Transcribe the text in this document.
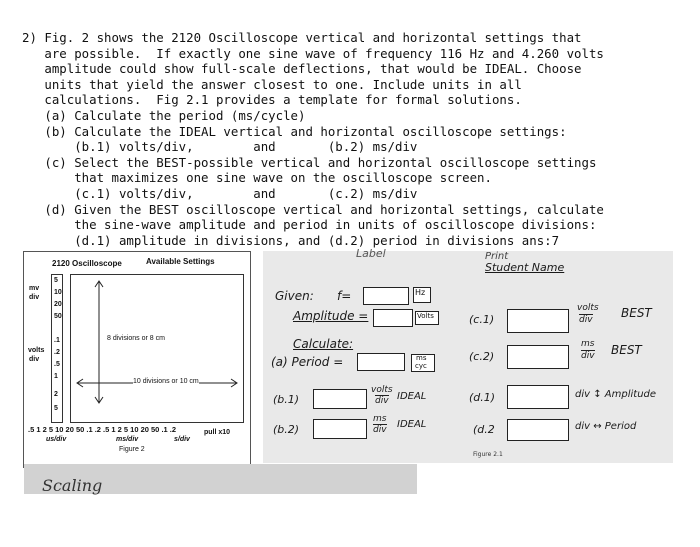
2) Fig. 2 shows the 2120 Oscilloscope vertical and horizontal settings that
are possible.  If exactly one sine wave of frequency 116 Hz and 4.260 volts
amplitude could show full-scale deflections, that would be IDEAL. Choose
units that yield the answer closest to one. Include units in all
calculations.  Fig 2.1 provides a template for formal solutions.
(a) Calculate the period (ms/cycle)
(b) Calculate the IDEAL vertical and horizontal oscilloscope settings:
(b.1) volts/div,        and       (b.2) ms/div
(c) Select the BEST-possible vertical and horizontal oscilloscope settings
that maximizes one sine wave on the oscilloscope screen.
(c.1) volts/div,        and       (c.2) ms/div
(d) Given the BEST oscilloscope vertical and horizontal settings, calculate
the sine-wave amplitude and period in units of oscilloscope divisions:
(d.1) amplitude in divisions, and (d.2) period in divisions ans:7
2120 Oscilloscope	Available Settings
mv
div
volts
div
5
10
20
50
.1
.2
.5
1
2
5
8 divisions or 8 cm
10 divisions or 10 cm
.5 1 2 5 10 20 50 .1 .2 .5 1 2 5 10 20 50 .1 .2
us/div	ms/div	s/div
pull x10
Figure 2
Label	Print
Student Name
Given: f=	Hz
Amplitude =	Volts
Calculate:
(a) Period =	ms
cyc
(b.1)
volts
div IDEAL
(b.2)
ms
div IDEAL
(c.1)
volts
div BEST
(c.2)
ms
div BEST
(d.1)	div ↕ Amplitude
(d.2	div ↔ Period
Figure 2.1
Scaling
